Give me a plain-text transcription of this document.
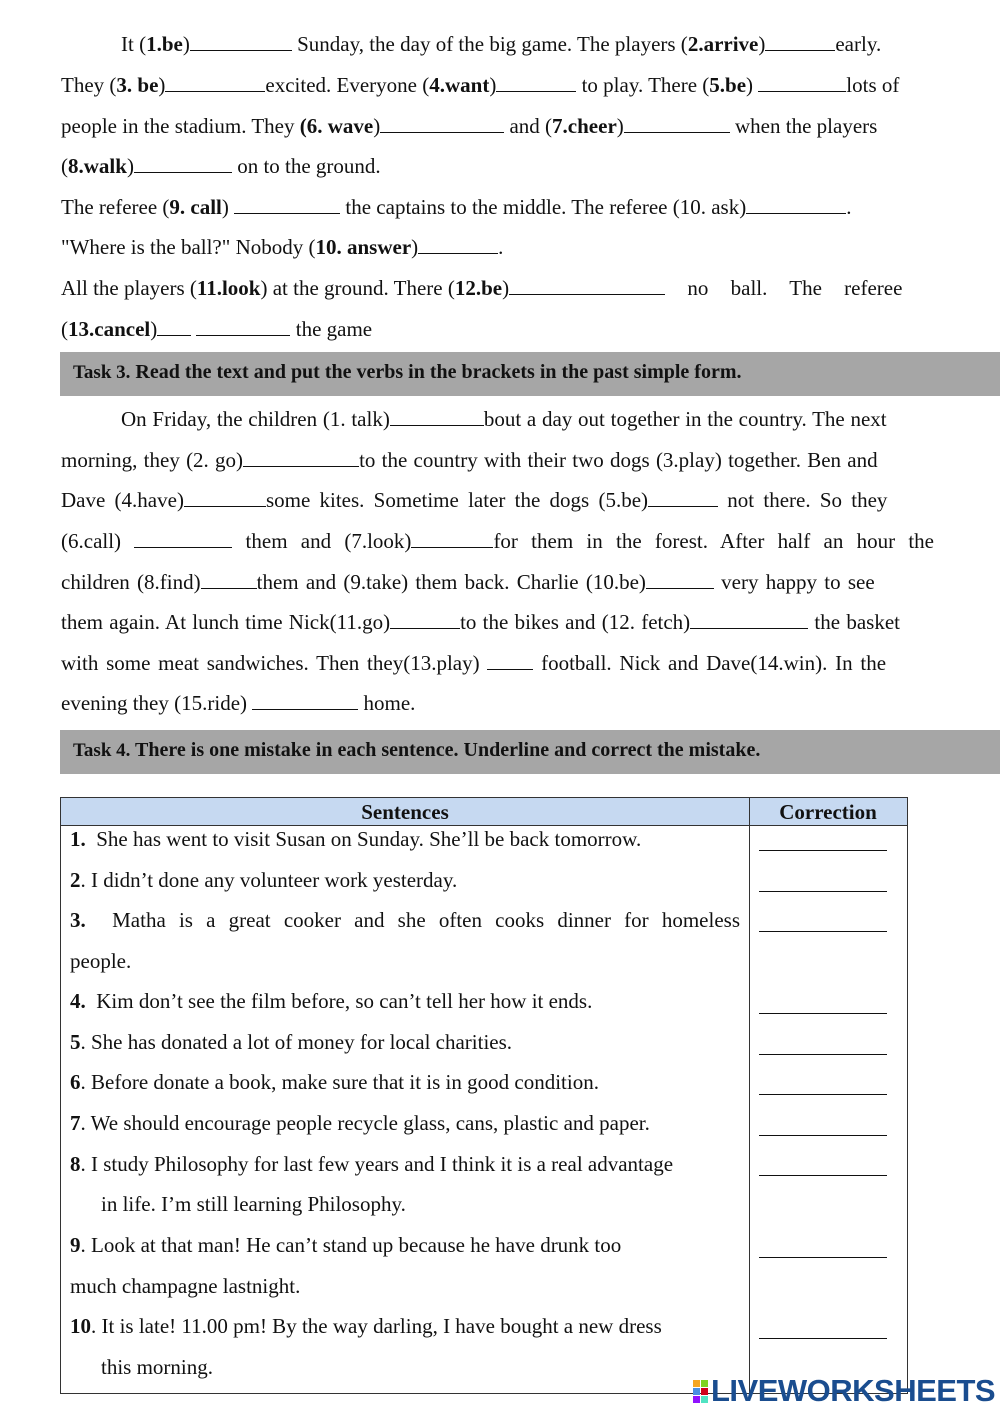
It (1.be)	Sunday, the day of the big game. The players (2.arrive)	early.
They (3. be)	excited. Everyone (4.want)	to play. There (5.be)	lots of
people in the stadium. They (6. wave)	and (7.cheer)	when the players
(8.walk)	on to the ground.
The referee (9. call)	the captains to the middle. The referee (10. ask)	.
"Where is the ball?" Nobody (10. answer)	.
All the players (11.look) at the ground. There (12.be)	no ball. The referee
(13.cancel)	the game
Task 3. Read the text and put the verbs in the brackets in the past simple form.
On Friday, the children (1. talk)	bout a day out together in the country. The next
morning, they (2. go)	to the country with their two dogs (3.play) together. Ben and
Dave (4.have)	some kites. Sometime later the dogs (5.be)	not there. So they
(6.call)	them and (7.look)	for them in the forest. After half an hour the
children (8.find)	them and (9.take) them back. Charlie (10.be)	very happy to see
them again. At lunch time Nick(11.go)	to the bikes and (12. fetch)	the basket
with some meat sandwiches. Then they(13.play)  football. Nick and Dave(14.win). In the
evening they (15.ride)	home.
Task 4. There is one mistake in each sentence. Underline and correct the mistake.
Sentences	Correction
1. She has went to visit Susan on Sunday. She’ll be back tomorrow.
2. I didn’t done any volunteer work yesterday.
3. Matha is a great cooker and she often cooks dinner for homeless
people.
4. Kim don’t see the film before, so can’t tell her how it ends.
5. She has donated a lot of money for local charities.
6. Before donate a book, make sure that it is in good condition.
7. We should encourage people recycle glass, cans, plastic and paper.
8. I study Philosophy for last few years and I think it is a real advantage
in life. I’m still learning Philosophy.
9. Look at that man! He can’t stand up because he have drunk too
much champagne lastnight.
10. It is late! 11.00 pm! By the way darling, I have bought a new dress
this morning.
LIVEWORKSHEETS
